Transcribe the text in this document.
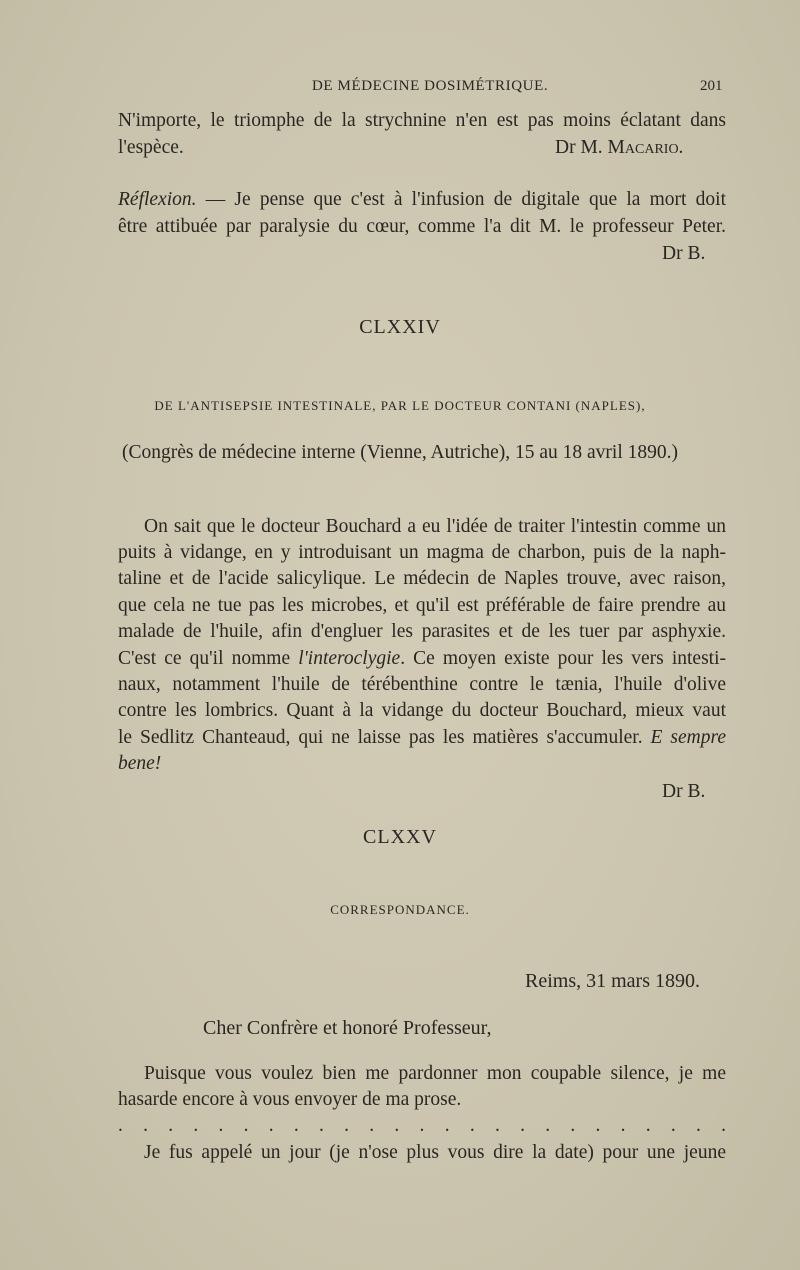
DE MÉDECINE DOSIMÉTRIQUE.	201
N'importe, le triomphe de la strychnine n'en est pas moins éclatant dans
l'espèce.	Dr M. Macario.
Réflexion. — Je pense que c'est à l'infusion de digitale que la mort doit
être attibuée par paralysie du cœur, comme l'a dit M. le professeur Peter.
Dr B.
CLXXIV
DE L'ANTISEPSIE INTESTINALE, PAR LE DOCTEUR CONTANI (NAPLES),
(Congrès de médecine interne (Vienne, Autriche), 15 au 18 avril 1890.)
On sait que le docteur Bouchard a eu l'idée de traiter l'intestin comme un
puits à vidange, en y introduisant un magma de charbon, puis de la naph-
taline et de l'acide salicylique. Le médecin de Naples trouve, avec raison,
que cela ne tue pas les microbes, et qu'il est préférable de faire prendre au
malade de l'huile, afin d'engluer les parasites et de les tuer par asphyxie.
C'est ce qu'il nomme l'interoclygie. Ce moyen existe pour les vers intesti-
naux, notamment l'huile de térébenthine contre le tænia, l'huile d'olive
contre les lombrics. Quant à la vidange du docteur Bouchard, mieux vaut
le Sedlitz Chanteaud, qui ne laisse pas les matières s'accumuler. E sempre
bene!
Dr B.
CLXXV
CORRESPONDANCE.
Reims, 31 mars 1890.
Cher Confrère et honoré Professeur,
Puisque vous voulez bien me pardonner mon coupable silence, je me
hasarde encore à vous envoyer de ma prose.
. . . . . . . . . . . . . . . . . . . . . . . . .
Je fus appelé un jour (je n'ose plus vous dire la date) pour une jeune
